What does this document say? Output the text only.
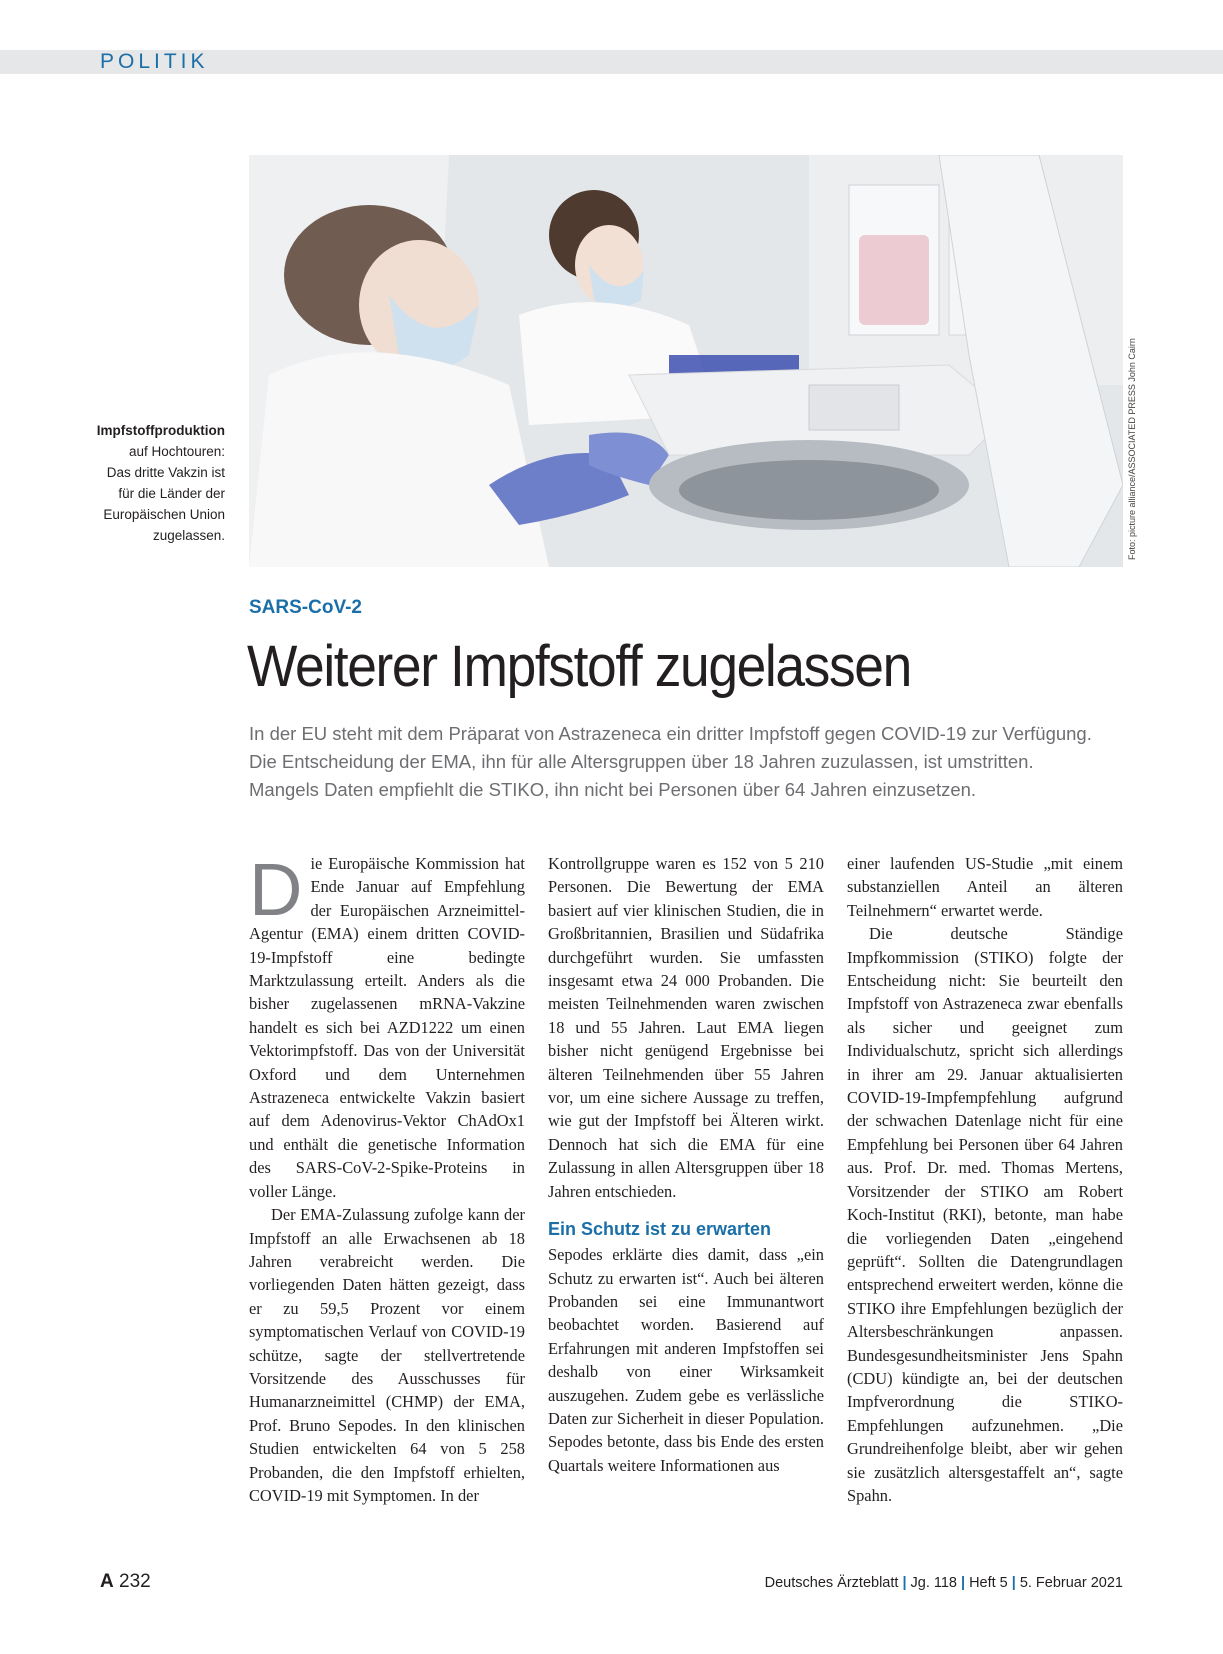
POLITIK
Impfstoffproduktion
auf Hochtouren:
Das dritte Vakzin ist
für die Länder der
Europäischen Union
zugelassen.	Foto: picture alliance/ASSOCIATED PRESS John Cairn
SARS-CoV-2
Weiterer Impfstoff zugelassen
In der EU steht mit dem Präparat von Astrazeneca ein dritter Impfstoff gegen COVID-19 zur Verfügung.
Die Entscheidung der EMA, ihn für alle Altersgruppen über 18 Jahren zuzulassen, ist umstritten.
Mangels Daten empfiehlt die STIKO, ihn nicht bei Personen über 64 Jahren einzusetzen.

Die Europäische Kommission hat Ende Januar auf Empfehlung der Europäischen Arzneimittel-Agentur (EMA) einem dritten COVID-19-Impfstoff eine bedingte Marktzulassung erteilt. Anders als die bisher zugelassenen mRNA-Vakzine handelt es sich bei AZD1222 um einen Vektorimpfstoff. Das von der Universität Oxford und dem Unternehmen Astrazeneca entwickelte Vakzin basiert auf dem Adenovirus-Vektor ChAdOx1 und enthält die genetische Information des SARS-CoV-2-Spike-Proteins in voller Länge.

Der EMA-Zulassung zufolge kann der Impfstoff an alle Erwachsenen ab 18 Jahren verabreicht werden. Die vorliegenden Daten hätten gezeigt, dass er zu 59,5 Prozent vor einem symptomatischen Verlauf von COVID-19 schütze, sagte der stellvertretende Vorsitzende des Ausschusses für Humanarzneimittel (CHMP) der EMA, Prof. Bruno Sepodes. In den klinischen Studien entwickelten 64 von 5 258 Probanden, die den Impfstoff erhielten, COVID-19 mit Symptomen. In der

Kontrollgruppe waren es 152 von 5 210 Personen. Die Bewertung der EMA basiert auf vier klinischen Studien, die in Großbritannien, Brasilien und Südafrika durchgeführt wurden. Sie umfassten insgesamt etwa 24 000 Probanden. Die meisten Teilnehmenden waren zwischen 18 und 55 Jahren. Laut EMA liegen bisher nicht genügend Ergebnisse bei älteren Teilnehmenden über 55 Jahren vor, um eine sichere Aussage zu treffen, wie gut der Impfstoff bei Älteren wirkt. Dennoch hat sich die EMA für eine Zulassung in allen Altersgruppen über 18 Jahren entschieden.

Ein Schutz ist zu erwarten

Sepodes erklärte dies damit, dass „ein Schutz zu erwarten ist“. Auch bei älteren Probanden sei eine Immunantwort beobachtet worden. Basierend auf Erfahrungen mit anderen Impfstoffen sei deshalb von einer Wirksamkeit auszugehen. Zudem gebe es verlässliche Daten zur Sicherheit in dieser Population. Sepodes betonte, dass bis Ende des ersten Quartals weitere Informationen aus

einer laufenden US-Studie „mit einem substanziellen Anteil an älteren Teilnehmern“ erwartet werde.

Die deutsche Ständige Impfkommission (STIKO) folgte der Entscheidung nicht: Sie beurteilt den Impfstoff von Astrazeneca zwar ebenfalls als sicher und geeignet zum Individualschutz, spricht sich allerdings in ihrer am 29. Januar aktualisierten COVID-19-Impfempfehlung aufgrund der schwachen Datenlage nicht für eine Empfehlung bei Personen über 64 Jahren aus. Prof. Dr. med. Thomas Mertens, Vorsitzender der STIKO am Robert Koch-Institut (RKI), betonte, man habe die vorliegenden Daten „eingehend geprüft“. Sollten die Datengrundlagen entsprechend erweitert werden, könne die STIKO ihre Empfehlungen bezüglich der Altersbeschränkungen anpassen. Bundesgesundheitsminister Jens Spahn (CDU) kündigte an, bei der deutschen Impfverordnung die STIKO-Empfehlungen aufzunehmen. „Die Grundreihenfolge bleibt, aber wir gehen sie zusätzlich altersgestaffelt an“, sagte Spahn.

A 232	Deutsches Ärzteblatt | Jg. 118 | Heft 5 | 5. Februar 2021
